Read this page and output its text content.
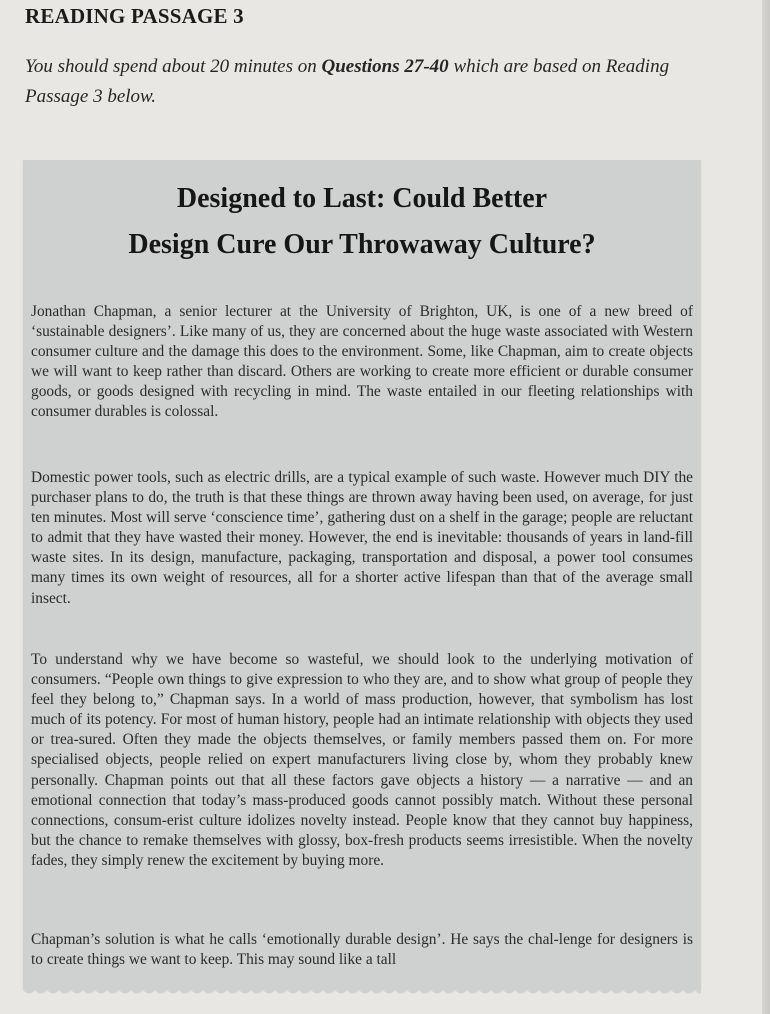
READING PASSAGE 3
You should spend about 20 minutes on Questions 27-40 which are based on Reading Passage 3 below.
Designed to Last: Could Better
Design Cure Our Throwaway Culture?
Jonathan Chapman, a senior lecturer at the University of Brighton, UK, is one of a new breed of ‘sustainable designers’. Like many of us, they are concerned about the huge waste associated with Western consumer culture and the damage this does to the environment. Some, like Chapman, aim to create objects we will want to keep rather than discard. Others are working to create more efficient or durable consumer goods, or goods designed with recycling in mind. The waste entailed in our fleeting relationships with consumer durables is colossal.
Domestic power tools, such as electric drills, are a typical example of such waste. However much DIY the purchaser plans to do, the truth is that these things are thrown away having been used, on average, for just ten minutes. Most will serve ‘conscience time’, gathering dust on a shelf in the garage; people are reluctant to admit that they have wasted their money. However, the end is inevitable: thousands of years in land-fill waste sites. In its design, manufacture, packaging, transportation and disposal, a power tool consumes many times its own weight of resources, all for a shorter active lifespan than that of the average small insect.
To understand why we have become so wasteful, we should look to the underlying motivation of consumers. “People own things to give expression to who they are, and to show what group of people they feel they belong to,” Chapman says. In a world of mass production, however, that symbolism has lost much of its potency. For most of human history, people had an intimate relationship with objects they used or trea-sured. Often they made the objects themselves, or family members passed them on. For more specialised objects, people relied on expert manufacturers living close by, whom they probably knew personally. Chapman points out that all these factors gave objects a history — a narrative — and an emotional connection that today’s mass-produced goods cannot possibly match. Without these personal connections, consum-erist culture idolizes novelty instead. People know that they cannot buy happiness, but the chance to remake themselves with glossy, box-fresh products seems irresistible. When the novelty fades, they simply renew the excitement by buying more.
Chapman’s solution is what he calls ‘emotionally durable design’. He says the chal-lenge for designers is to create things we want to keep. This may sound like a tall
